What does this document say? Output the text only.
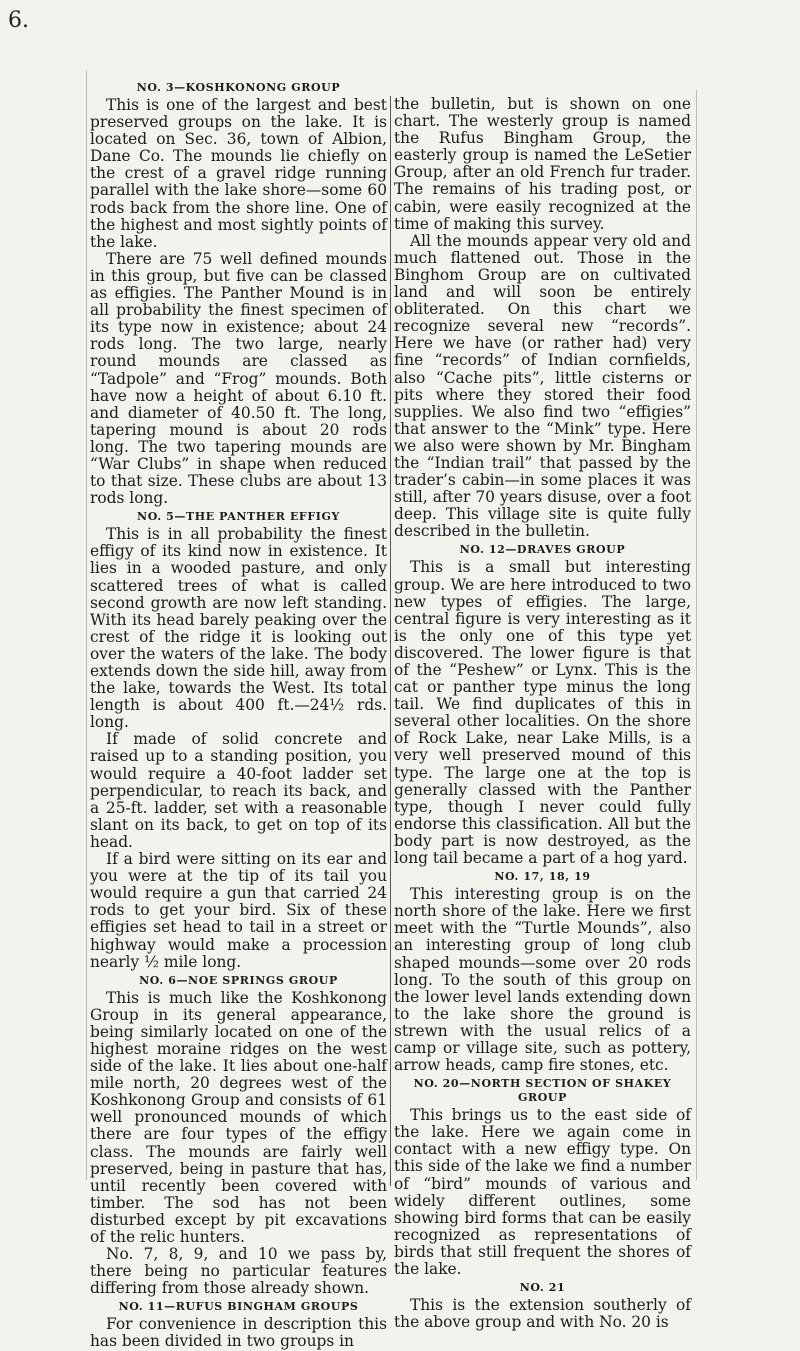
6.
NO. 3—KOSHKONONG GROUP

This is one of the largest and best preserved groups on the lake. It is located on Sec. 36, town of Albion, Dane Co. The mounds lie chiefly on the crest of a gravel ridge running parallel with the lake shore—some 60 rods back from the shore line. One of the highest and most sightly points of the lake.

There are 75 well defined mounds in this group, but five can be classed as effigies. The Panther Mound is in all probability the finest specimen of its type now in existence; about 24 rods long. The two large, nearly round mounds are classed as “Tadpole” and “Frog” mounds. Both have now a height of about 6.10 ft. and diameter of 40.50 ft. The long, tapering mound is about 20 rods long. The two tapering mounds are “War Clubs” in shape when reduced to that size. These clubs are about 13 rods long.

NO. 5—THE PANTHER EFFIGY

This is in all probability the finest effigy of its kind now in existence. It lies in a wooded pasture, and only scattered trees of what is called second growth are now left standing. With its head barely peaking over the crest of the ridge it is looking out over the waters of the lake. The body extends down the side hill, away from the lake, towards the West. Its total length is about 400 ft.—24½ rds. long.

If made of solid concrete and raised up to a standing position, you would require a 40-foot ladder set perpendicular, to reach its back, and a 25-ft. ladder, set with a reasonable slant on its back, to get on top of its head.

If a bird were sitting on its ear and you were at the tip of its tail you would require a gun that carried 24 rods to get your bird. Six of these effigies set head to tail in a street or highway would make a procession nearly ½ mile long.

NO. 6—NOE SPRINGS GROUP

This is much like the Koshkonong Group in its general appearance, being similarly located on one of the highest moraine ridges on the west side of the lake. It lies about one-half mile north, 20 degrees west of the Koshkonong Group and consists of 61 well pronounced mounds of which there are four types of the effigy class. The mounds are fairly well preserved, being in pasture that has, until recently been covered with timber. The sod has not been disturbed except by pit excavations of the relic hunters.

No. 7, 8, 9, and 10 we pass by, there being no particular features differing from those already shown.

NO. 11—RUFUS BINGHAM GROUPS

For convenience in description this has been divided in two groups in

the bulletin, but is shown on one chart. The westerly group is named the Rufus Bingham Group, the easterly group is named the LeSetier Group, after an old French fur trader. The remains of his trading post, or cabin, were easily recognized at the time of making this survey.

All the mounds appear very old and much flattened out. Those in the Binghom Group are on cultivated land and will soon be entirely obliterated. On this chart we recognize several new “records”. Here we have (or rather had) very fine “records” of Indian cornfields, also “Cache pits”, little cisterns or pits where they stored their food supplies. We also find two “effigies” that answer to the “Mink” type. Here we also were shown by Mr. Bingham the “Indian trail” that passed by the trader’s cabin—in some places it was still, after 70 years disuse, over a foot deep. This village site is quite fully described in the bulletin.

NO. 12—DRAVES GROUP

This is a small but interesting group. We are here introduced to two new types of effigies. The large, central figure is very interesting as it is the only one of this type yet discovered. The lower figure is that of the “Peshew” or Lynx. This is the cat or panther type minus the long tail. We find duplicates of this in several other localities. On the shore of Rock Lake, near Lake Mills, is a very well preserved mound of this type. The large one at the top is generally classed with the Panther type, though I never could fully endorse this classification. All but the body part is now destroyed, as the long tail became a part of a hog yard.

NO. 17, 18, 19

This interesting group is on the north shore of the lake. Here we first meet with the “Turtle Mounds”, also an interesting group of long club shaped mounds—some over 20 rods long. To the south of this group on the lower level lands extending down to the lake shore the ground is strewn with the usual relics of a camp or village site, such as pottery, arrow heads, camp fire stones, etc.

NO. 20—NORTH SECTION OF SHAKEY GROUP

This brings us to the east side of the lake. Here we again come in contact with a new effigy type. On this side of the lake we find a number of “bird” mounds of various and widely different outlines, some showing bird forms that can be easily recognized as representations of birds that still frequent the shores of the lake.

NO. 21

This is the extension southerly of the above group and with No. 20 is
